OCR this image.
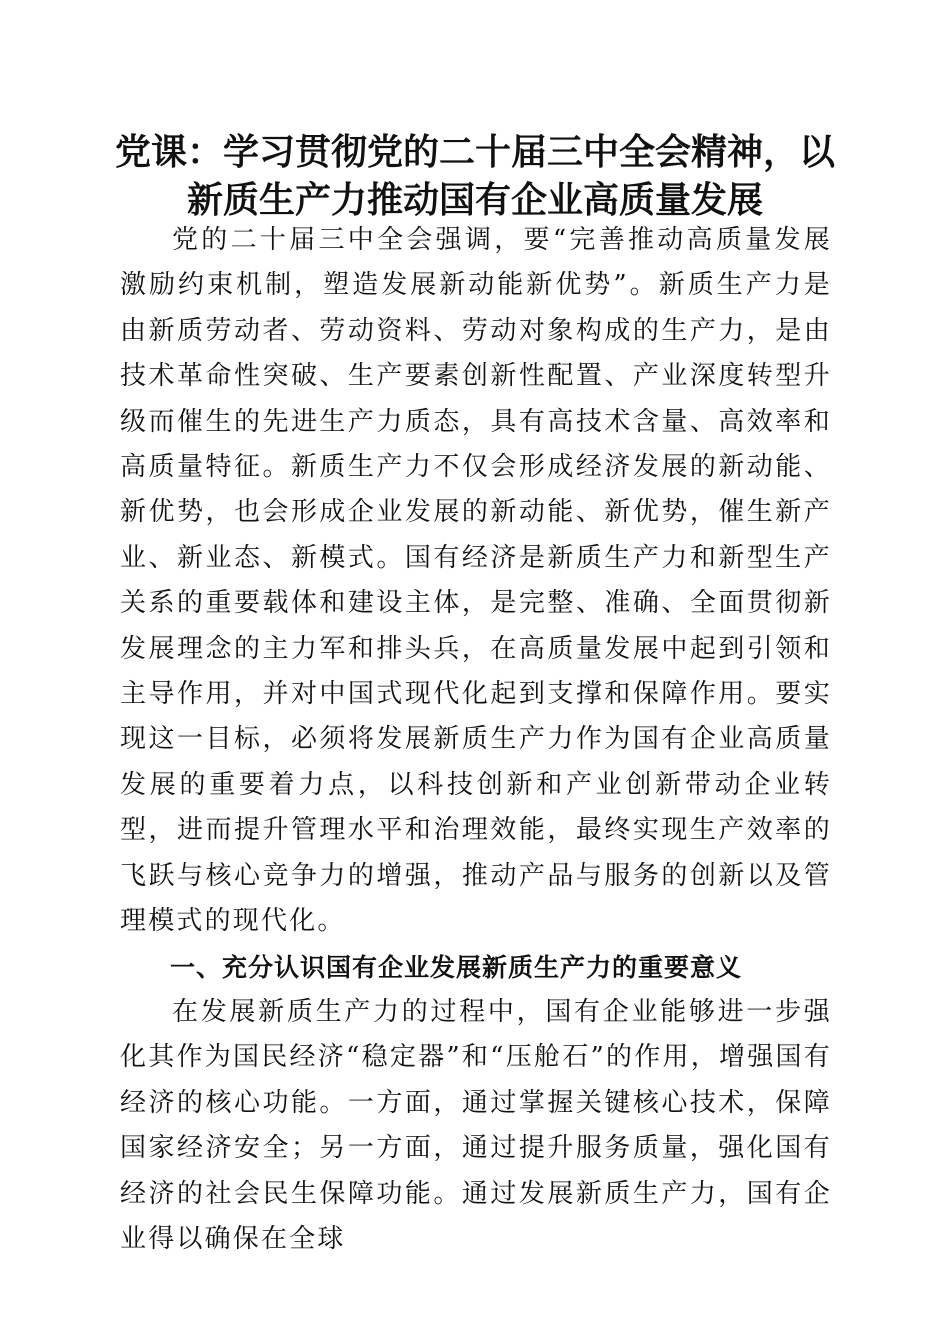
党课：学习贯彻党的二十届三中全会精神，以
新质生产力推动国有企业高质量发展

党的二十届三中全会强调，要“完善推动高质量发展激励约束机制，塑造发展新动能新优势”。新质生产力是由新质劳动者、劳动资料、劳动对象构成的生产力，是由技术革命性突破、生产要素创新性配置、产业深度转型升级而催生的先进生产力质态，具有高技术含量、高效率和高质量特征。新质生产力不仅会形成经济发展的新动能、新优势，也会形成企业发展的新动能、新优势，催生新产业、新业态、新模式。国有经济是新质生产力和新型生产关系的重要载体和建设主体，是完整、准确、全面贯彻新发展理念的主力军和排头兵，在高质量发展中起到引领和主导作用，并对中国式现代化起到支撑和保障作用。要实现这一目标，必须将发展新质生产力作为国有企业高质量发展的重要着力点，以科技创新和产业创新带动企业转型，进而提升管理水平和治理效能，最终实现生产效率的飞跃与核心竞争力的增强，推动产品与服务的创新以及管理模式的现代化。

一、充分认识国有企业发展新质生产力的重要意义

在发展新质生产力的过程中，国有企业能够进一步强化其作为国民经济“稳定器”和“压舱石”的作用，增强国有经济的核心功能。一方面，通过掌握关键核心技术，保障国家经济安全；另一方面，通过提升服务质量，强化国有经济的社会民生保障功能。通过发展新质生产力，国有企业得以确保在全球
